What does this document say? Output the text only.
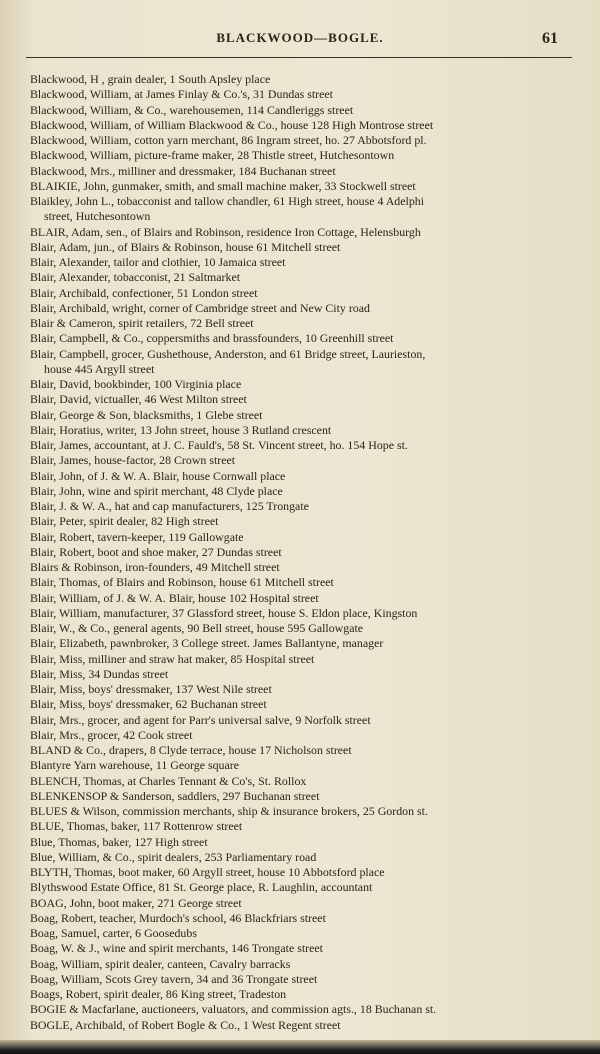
BLACKWOOD—BOGLE.	61
Blackwood, H , grain dealer, 1 South Apsley place
Blackwood, William, at James Finlay & Co.'s, 31 Dundas street
Blackwood, William, & Co., warehousemen, 114 Candleriggs street
Blackwood, William, of William Blackwood & Co., house 128 High Montrose street
Blackwood, William, cotton yarn merchant, 86 Ingram street, ho. 27 Abbotsford pl.
Blackwood, William, picture-frame maker, 28 Thistle street, Hutchesontown
Blackwood, Mrs., milliner and dressmaker, 184 Buchanan street
BLAIKIE, John, gunmaker, smith, and small machine maker, 33 Stockwell street
Blaikley, John L., tobacconist and tallow chandler, 61 High street, house 4 Adelphi
street, Hutchesontown
BLAIR, Adam, sen., of Blairs and Robinson, residence Iron Cottage, Helensburgh
Blair, Adam, jun., of Blairs & Robinson, house 61 Mitchell street
Blair, Alexander, tailor and clothier, 10 Jamaica street
Blair, Alexander, tobacconist, 21 Saltmarket
Blair, Archibald, confectioner, 51 London street
Blair, Archibald, wright, corner of Cambridge street and New City road
Blair & Cameron, spirit retailers, 72 Bell street
Blair, Campbell, & Co., coppersmiths and brassfounders, 10 Greenhill street
Blair, Campbell, grocer, Gushethouse, Anderston, and 61 Bridge street, Laurieston,
house 445 Argyll street
Blair, David, bookbinder, 100 Virginia place
Blair, David, victualler, 46 West Milton street
Blair, George & Son, blacksmiths, 1 Glebe street
Blair, Horatius, writer, 13 John street, house 3 Rutland crescent
Blair, James, accountant, at J. C. Fauld's, 58 St. Vincent street, ho. 154 Hope st.
Blair, James, house-factor, 28 Crown street
Blair, John, of J. & W. A. Blair, house Cornwall place
Blair, John, wine and spirit merchant, 48 Clyde place
Blair, J. & W. A., hat and cap manufacturers, 125 Trongate
Blair, Peter, spirit dealer, 82 High street
Blair, Robert, tavern-keeper, 119 Gallowgate
Blair, Robert, boot and shoe maker, 27 Dundas street
Blairs & Robinson, iron-founders, 49 Mitchell street
Blair, Thomas, of Blairs and Robinson, house 61 Mitchell street
Blair, William, of J. & W. A. Blair, house 102 Hospital street
Blair, William, manufacturer, 37 Glassford street, house S. Eldon place, Kingston
Blair, W., & Co., general agents, 90 Bell street, house 595 Gallowgate
Blair, Elizabeth, pawnbroker, 3 College street. James Ballantyne, manager
Blair, Miss, milliner and straw hat maker, 85 Hospital street
Blair, Miss, 34 Dundas street
Blair, Miss, boys' dressmaker, 137 West Nile street
Blair, Miss, boys' dressmaker, 62 Buchanan street
Blair, Mrs., grocer, and agent for Parr's universal salve, 9 Norfolk street
Blair, Mrs., grocer, 42 Cook street
BLAND & Co., drapers, 8 Clyde terrace, house 17 Nicholson street
Blantyre Yarn warehouse, 11 George square
BLENCH, Thomas, at Charles Tennant & Co's, St. Rollox
BLENKENSOP & Sanderson, saddlers, 297 Buchanan street
BLUES & Wilson, commission merchants, ship & insurance brokers, 25 Gordon st.
BLUE, Thomas, baker, 117 Rottenrow street
Blue, Thomas, baker, 127 High street
Blue, William, & Co., spirit dealers, 253 Parliamentary road
BLYTH, Thomas, boot maker, 60 Argyll street, house 10 Abbotsford place
Blythswood Estate Office, 81 St. George place, R. Laughlin, accountant
BOAG, John, boot maker, 271 George street
Boag, Robert, teacher, Murdoch's school, 46 Blackfriars street
Boag, Samuel, carter, 6 Goosedubs
Boag, W. & J., wine and spirit merchants, 146 Trongate street
Boag, William, spirit dealer, canteen, Cavalry barracks
Boag, William, Scots Grey tavern, 34 and 36 Trongate street
Boags, Robert, spirit dealer, 86 King street, Tradeston
BOGIE & Macfarlane, auctioneers, valuators, and commission agts., 18 Buchanan st.
BOGLE, Archibald, of Robert Bogle & Co., 1 West Regent street
